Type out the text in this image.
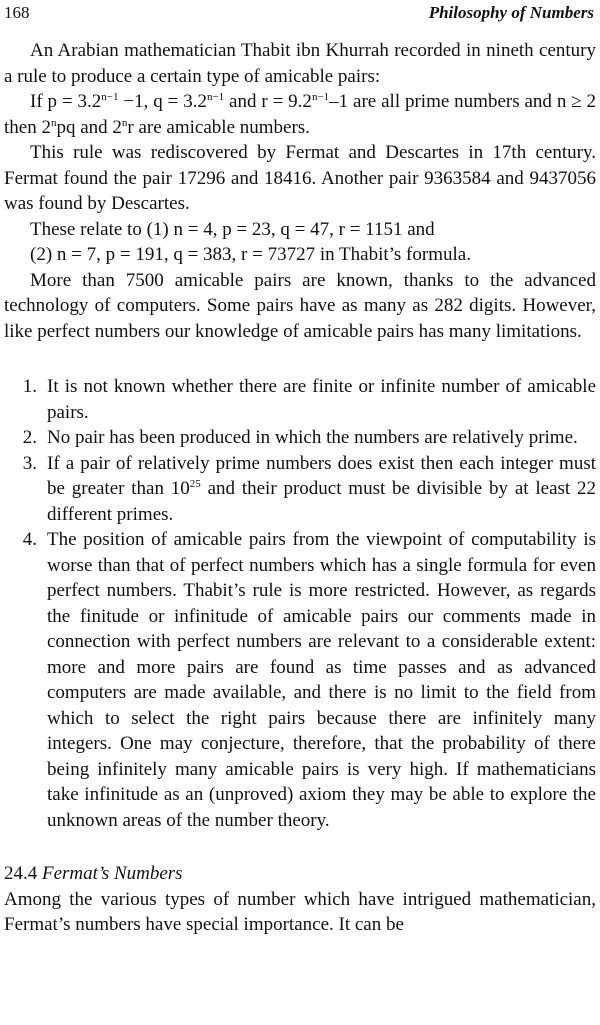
168	Philosophy of Numbers

An Arabian mathematician Thabit ibn Khurrah recorded in nineth century a rule to produce a certain type of amicable pairs:

If $p = 3.2^{n-1} -1$, $q = 3.2^{n-1}$ and $r = 9.2^{n-1}-1$ are all prime numbers and n ≥ 2 then 2$^n$pq and 2$^n$r are amicable numbers.

This rule was rediscovered by Fermat and Descartes in 17th century. Fermat found the pair 17296 and 18416. Another pair 9363584 and 9437056 was found by Descartes.

These relate to (1) n = 4, p = 23, q = 47, r = 1151 and

(2) n = 7, p = 191, q = 383, r = 73727 in Thabit’s formula.

More than 7500 amicable pairs are known, thanks to the advanced technology of computers. Some pairs have as many as 282 digits. However, like perfect numbers our knowledge of amicable pairs has many limitations.

1. It is not known whether there are finite or infinite number of amicable pairs.
2. No pair has been produced in which the numbers are relatively prime.
3. If a pair of relatively prime numbers does exist then each integer must be greater than $10^{25}$ and their product must be divisible by at least 22 different primes.
4. The position of amicable pairs from the viewpoint of computability is worse than that of perfect numbers which has a single formula for even perfect numbers. Thabit’s rule is more restricted. However, as regards the finitude or infinitude of amicable pairs our comments made in connection with perfect numbers are relevant to a considerable extent: more and more pairs are found as time passes and as advanced computers are made available, and there is no limit to the field from which to select the right pairs because there are infinitely many integers. One may conjecture, therefore, that the probability of there being infinitely many amicable pairs is very high. If mathematicians take infinitude as an (unproved) axiom they may be able to explore the unknown areas of the number theory.
24.4 Fermat’s Numbers

Among the various types of number which have intrigued mathematician, Fermat’s numbers have special importance. It can be
